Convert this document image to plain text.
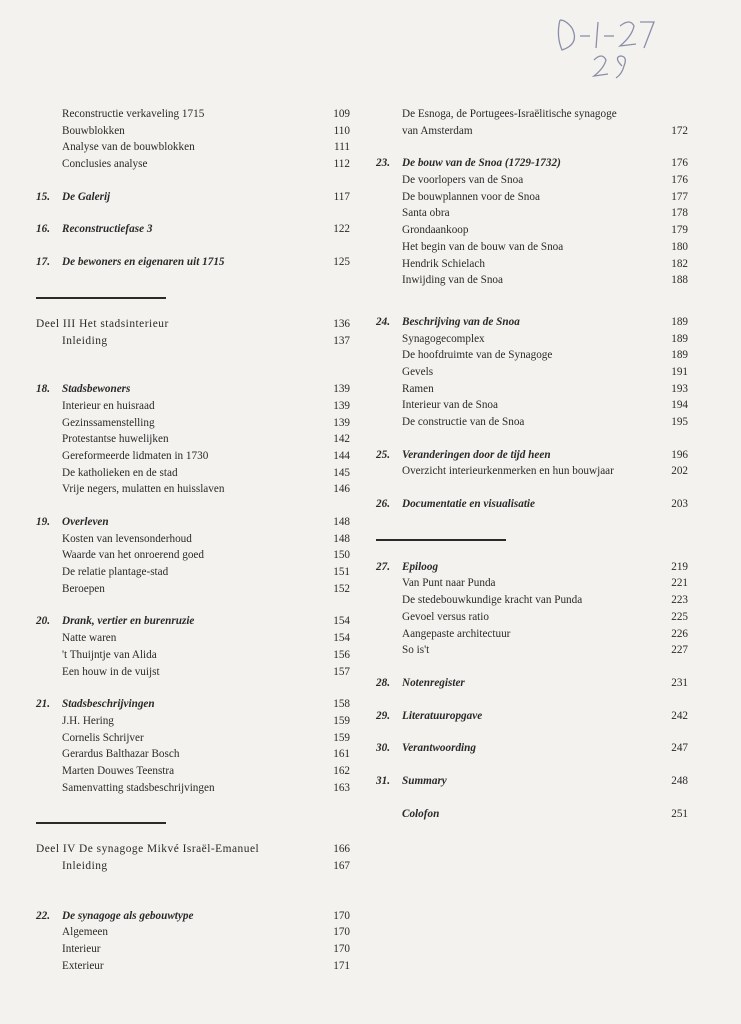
Reconstructie verkaveling 1715	109
Bouwblokken	110
Analyse van de bouwblokken	111
Conclusies analyse	112
15. De Galerij	117
16. Reconstructiefase 3	122
17. De bewoners en eigenaren uit 1715	125
Deel III Het stadsinterieur	136
Inleiding	137
18. Stadsbewoners	139
Interieur en huisraad	139
Gezinssamenstelling	139
Protestantse huwelijken	142
Gereformeerde lidmaten in 1730	144
De katholieken en de stad	145
Vrije negers, mulatten en huisslaven	146
19. Overleven	148
Kosten van levensonderhoud	148
Waarde van het onroerend goed	150
De relatie plantage-stad	151
Beroepen	152
20. Drank, vertier en burenruzie	154
Natte waren	154
't Thuijntje van Alida	156
Een houw in de vuijst	157
21. Stadsbeschrijvingen	158
J.H. Hering	159
Cornelis Schrijver	159
Gerardus Balthazar Bosch	161
Marten Douwes Teenstra	162
Samenvatting stadsbeschrijvingen	163
Deel IV De synagoge Mikvé Israël-Emanuel	166
Inleiding	167
22. De synagoge als gebouwtype	170
Algemeen	170
Interieur	170
Exterieur	171
De Esnoga, de Portugees-Israëlitische synagoge
van Amsterdam	172
23. De bouw van de Snoa (1729-1732)	176
De voorlopers van de Snoa	176
De bouwplannen voor de Snoa	177
Santa obra	178
Grondaankoop	179
Het begin van de bouw van de Snoa	180
Hendrik Schielach	182
Inwijding van de Snoa	188
24. Beschrijving van de Snoa	189
Synagogecomplex	189
De hoofdruimte van de Synagoge	189
Gevels	191
Ramen	193
Interieur van de Snoa	194
De constructie van de Snoa	195
25. Veranderingen door de tijd heen	196
Overzicht interieurkenmerken en hun bouwjaar	202
26. Documentatie en visualisatie	203
27. Epiloog	219
Van Punt naar Punda	221
De stedebouwkundige kracht van Punda	223
Gevoel versus ratio	225
Aangepaste architectuur	226
So is't	227
28. Notenregister	231
29. Literatuuropgave	242
30. Verantwoording	247
31. Summary	248
Colofon	251
